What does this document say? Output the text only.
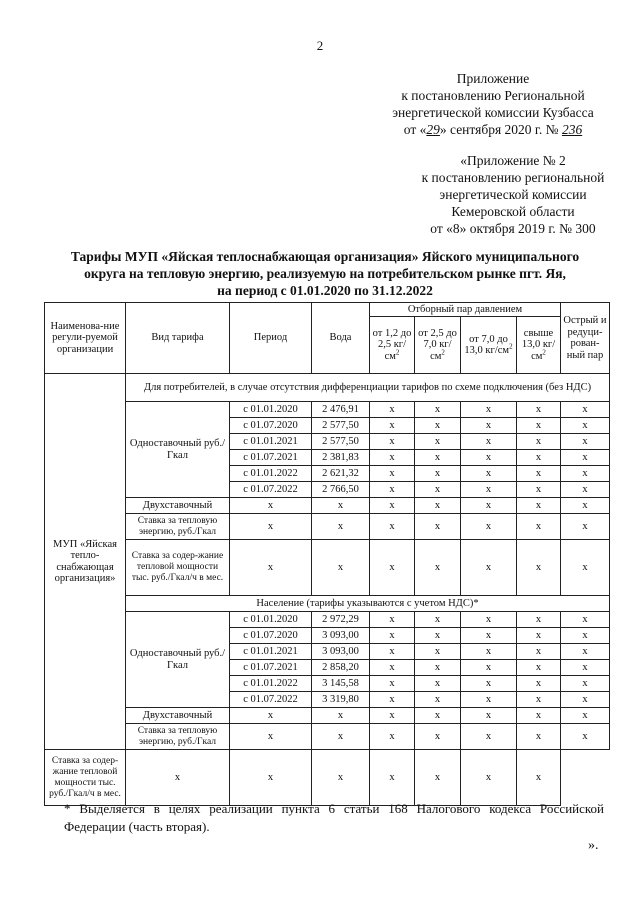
2
Приложение
к постановлению Региональной
энергетической комиссии Кузбасса
от «29» сентября 2020 г. № 236
«Приложение № 2
к постановлению региональной
энергетической комиссии
Кемеровской области
от «8» октября 2019 г. № 300
Тарифы МУП «Яйская теплоснабжающая организация» Яйского муниципального
округа на тепловую энергию, реализуемую на потребительском рынке пгт. Яя,
на период с 01.01.2020 по 31.12.2022
Наименова-ние регули-руемой организации	Вид тарифа	Период	Вода	Отборный пар давлением				Острый и редуци-рован-ный пар
				от 1,2 до 2,5 $кг/см^2$	от 2,5 до 7,0 $кг/см^2$	от 7,0 до 13,0 $кг/см^2$	свыше 13,0 $кг/см^2$
МУП «Яйская тепло-снабжающая организация»	Для потребителей, в случае отсутствия дифференциации тарифов по схеме подключения (без НДС)							
	Одноставочный руб./Гкал	с 01.01.2020	2 476,91	х	х	х	х	х
		с 01.07.2020	2 577,50	х	х	х	х	х
		с 01.01.2021	2 577,50	х	х	х	х	х
		с 01.07.2021	2 381,83	х	х	х	х	х
		с 01.01.2022	2 621,32	х	х	х	х	х
		с 01.07.2022	2 766,50	х	х	х	х	х
	Двухставочный	х	х	х	х	х	х	х
	Ставка за тепловую энергию, руб./Гкал	х	х	х	х	х	х	х
	Ставка за содер-жание тепловой мощности тыс. руб./Гкал/ч в мес.	х	х	х	х	х	х	х
	Население (тарифы указываются с учетом НДС)*							
	Одноставочный руб./Гкал	с 01.01.2020	2 972,29	х	х	х	х	х
		с 01.07.2020	3 093,00	х	х	х	х	х
		с 01.01.2021	3 093,00	х	х	х	х	х
		с 01.07.2021	2 858,20	х	х	х	х	х
		с 01.01.2022	3 145,58	х	х	х	х	х
		с 01.07.2022	3 319,80	х	х	х	х	х
	Двухставочный	х	х	х	х	х	х	х
	Ставка за тепловую энергию, руб./Гкал	х	х	х	х	х	х	х
Ставка за содер-жание тепловой мощности тыс. руб./Гкал/ч в мес.	х	х	х	х	х	х	х	
* Выделяется в целях реализации пункта 6 статьи 168 Налогового кодекса Российской Федерации (часть вторая).
».
